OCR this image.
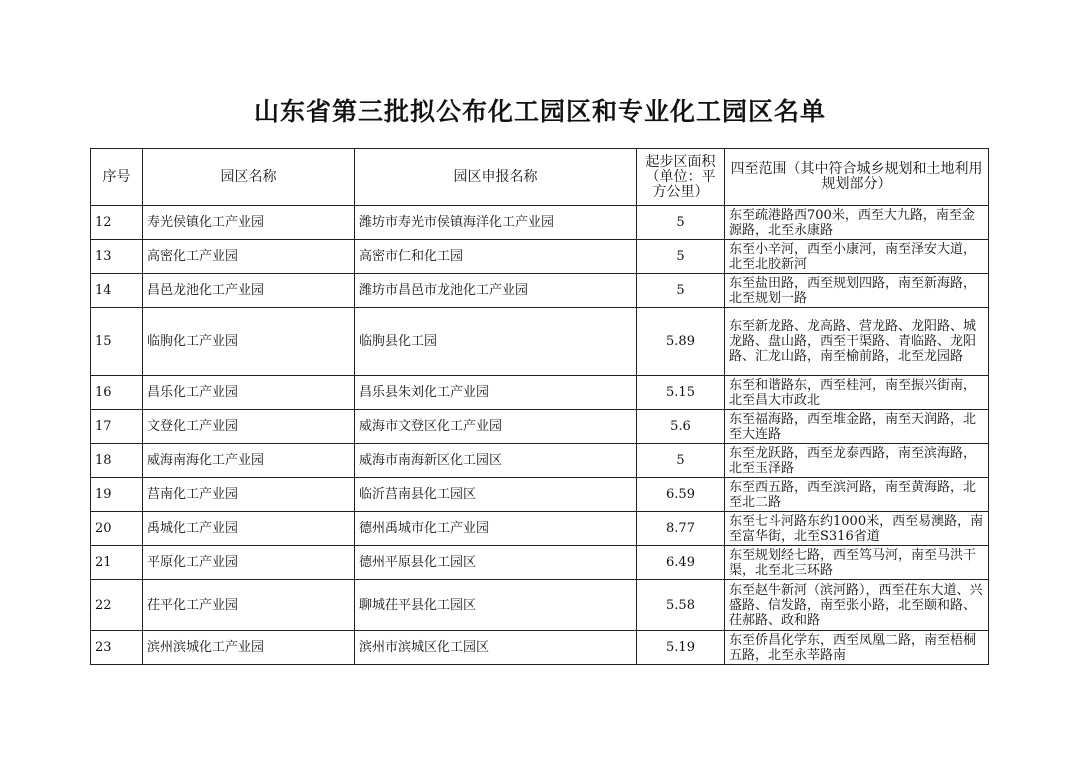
山东省第三批拟公布化工园区和专业化工园区名单
序号	园区名称	园区申报名称	起步区面积（单位：平方公里）	四至范围（其中符合城乡规划和土地利用规划部分）
12	寿光侯镇化工产业园	潍坊市寿光市侯镇海洋化工产业园	5	东至疏港路西700米，西至大九路，南至金源路，北至永康路
13	高密化工产业园	高密市仁和化工园	5	东至小辛河，西至小康河，南至泽安大道，北至北胶新河
14	昌邑龙池化工产业园	潍坊市昌邑市龙池化工产业园	5	东至盐田路，西至规划四路，南至新海路，北至规划一路
15	临朐化工产业园	临朐县化工园	5.89	东至新龙路、龙高路、营龙路、龙阳路、城龙路、盘山路，西至干渠路、青临路、龙阳路、汇龙山路，南至榆前路，北至龙园路
16	昌乐化工产业园	昌乐县朱刘化工产业园	5.15	东至和谐路东，西至桂河，南至振兴街南，北至昌大市政北
17	文登化工产业园	威海市文登区化工产业园	5.6	东至福海路，西至堆金路，南至天润路，北至大连路
18	威海南海化工产业园	威海市南海新区化工园区	5	东至龙跃路，西至龙泰西路，南至滨海路，北至玉泽路
19	莒南化工产业园	临沂莒南县化工园区	6.59	东至西五路，西至滨河路，南至黄海路，北至北二路
20	禹城化工产业园	德州禹城市化工产业园	8.77	东至七斗河路东约1000米，西至易澳路，南至富华街，北至S316省道
21	平原化工产业园	德州平原县化工园区	6.49	东至规划经七路，西至笃马河，南至马洪干渠，北至北三环路
22	茌平化工产业园	聊城茌平县化工园区	5.58	东至赵牛新河（滨河路），西至茌东大道、兴盛路、信发路，南至张小路，北至颐和路、茌郝路、政和路
23	滨州滨城化工产业园	滨州市滨城区化工园区	5.19	东至侨昌化学东，西至凤凰二路，南至梧桐五路，北至永莘路南
